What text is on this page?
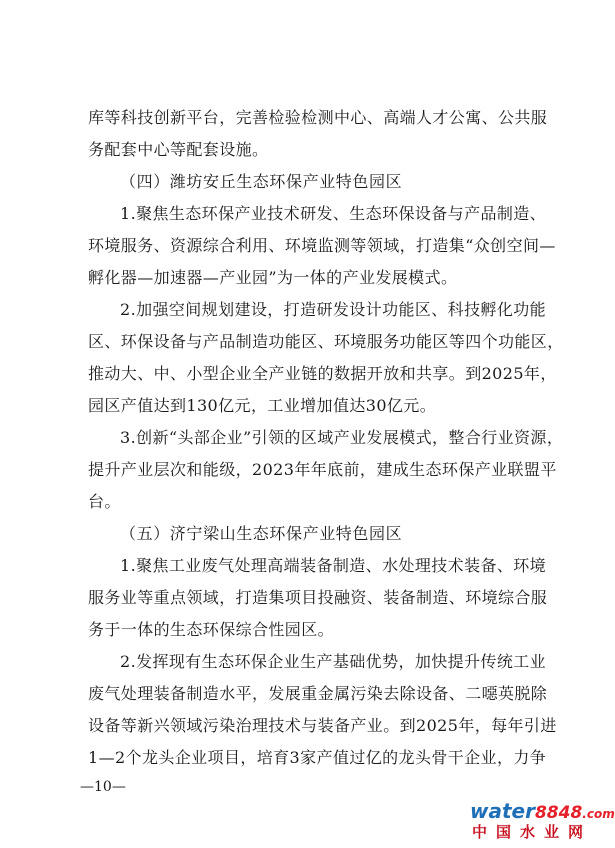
库等科技创新平台，完善检验检测中心、高端人才公寓、公共服
务配套中心等配套设施。
（四）潍坊安丘生态环保产业特色园区
1.聚焦生态环保产业技术研发、生态环保设备与产品制造、
环境服务、资源综合利用、环境监测等领域，打造集“众创空间—
孵化器—加速器—产业园”为一体的产业发展模式。
2.加强空间规划建设，打造研发设计功能区、科技孵化功能
区、环保设备与产品制造功能区、环境服务功能区等四个功能区，
推动大、中、小型企业全产业链的数据开放和共享。到2025年，
园区产值达到130亿元，工业增加值达30亿元。
3.创新“头部企业”引领的区域产业发展模式，整合行业资源，
提升产业层次和能级，2023年年底前，建成生态环保产业联盟平
台。
（五）济宁梁山生态环保产业特色园区
1.聚焦工业废气处理高端装备制造、水处理技术装备、环境
服务业等重点领域，打造集项目投融资、装备制造、环境综合服
务于一体的生态环保综合性园区。
2.发挥现有生态环保企业生产基础优势，加快提升传统工业
废气处理装备制造水平，发展重金属污染去除设备、二噁英脱除
设备等新兴领域污染治理技术与装备产业。到2025年，每年引进
1—2个龙头企业项目，培育3家产值过亿的龙头骨干企业，力争
—10—
water8848.com
中国水业网
